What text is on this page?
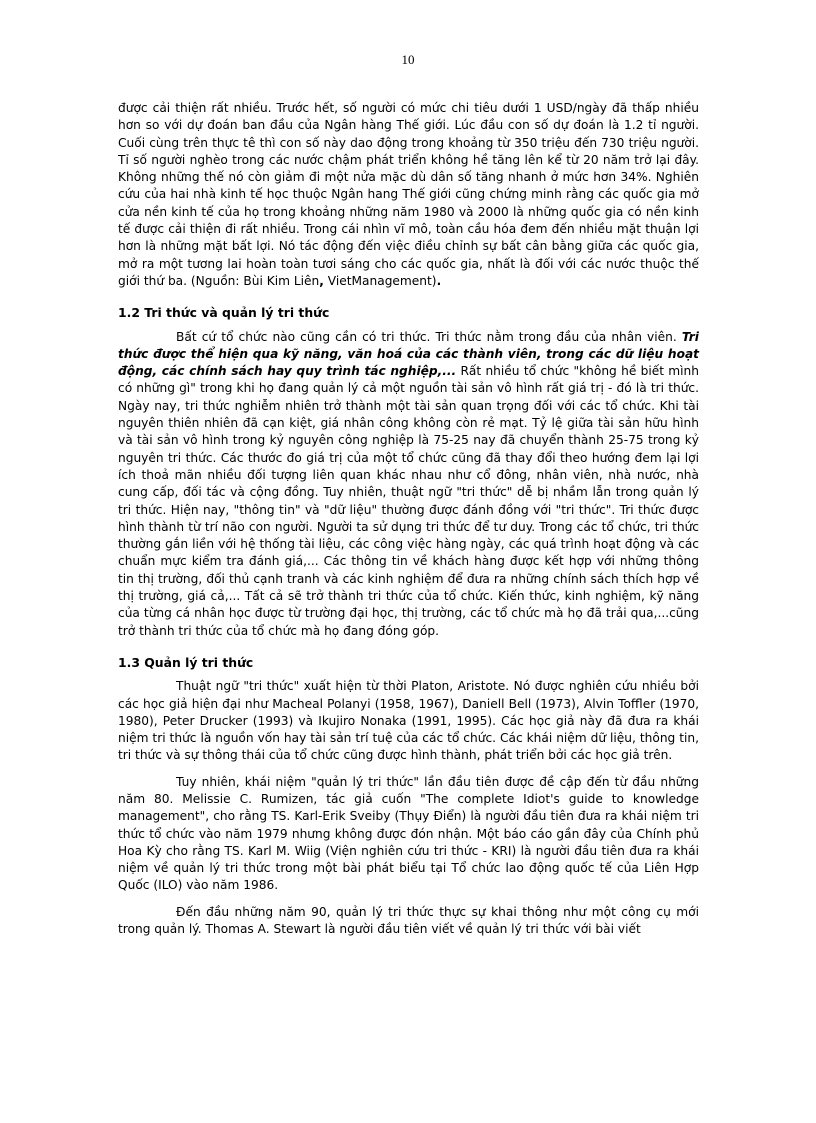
10

được cải thiện rất nhiều. Trước hết, số người có mức chi tiêu dưới 1 USD/ngày đã thấp nhiều hơn so với dự đoán ban đầu của Ngân hàng Thế giới. Lúc đầu con số dự đoán là 1.2 tỉ người. Cuối cùng trên thực tê thì con số này dao động trong khoảng từ 350 triệu đến 730 triệu người. Tỉ số người nghèo trong các nước chậm phát triển không hề tăng lên kể từ 20 năm trở lại đây. Không những thế nó còn giảm đi một nửa mặc dù dân số tăng nhanh ở mức hơn 34%. Nghiên cứu của hai nhà kinh tế học thuộc Ngân hang Thế giới cũng chứng minh rằng các quốc gia mở cửa nền kinh tế của họ trong khoảng những năm 1980 và 2000 là những quốc gia có nền kinh tế được cải thiện đi rất nhiều. Trong cái nhìn vĩ mô, toàn cầu hóa đem đến nhiều mặt thuận lợi hơn là những mặt bất lợi. Nó tác động đến việc điều chỉnh sự bất cân bằng giữa các quốc gia, mở ra một tương lai hoàn toàn tươi sáng cho các quốc gia, nhất là đối với các nước thuộc thế giới thứ ba. (Nguồn: Bùi Kim Liên, VietManagement).

1.2 Tri thức và quản lý tri thức

Bất cứ tổ chức nào cũng cần có tri thức. Tri thức nằm trong đầu của nhân viên. Tri thức được thể hiện qua kỹ năng, văn hoá của các thành viên, trong các dữ liệu hoạt động, các chính sách hay quy trình tác nghiệp,... Rất nhiều tổ chức "không hề biết mình có những gì" trong khi họ đang quản lý cả một nguồn tài sản vô hình rất giá trị - đó là tri thức. Ngày nay, tri thức nghiễm nhiên trở thành một tài sản quan trọng đối với các tổ chức. Khi tài nguyên thiên nhiên đã cạn kiệt, giá nhân công không còn rẻ mạt. Tỷ lệ giữa tài sản hữu hình và tài sản vô hình trong kỷ nguyên công nghiệp là 75-25 nay đã chuyển thành 25-75 trong kỷ nguyên tri thức. Các thước đo giá trị của một tổ chức cũng đã thay đổi theo hướng đem lại lợi ích thoả mãn nhiều đối tượng liên quan khác nhau như cổ đông, nhân viên, nhà nước, nhà cung cấp, đối tác và cộng đồng. Tuy nhiên, thuật ngữ "tri thức" dễ bị nhầm lẫn trong quản lý tri thức. Hiện nay, "thông tin" và "dữ liệu" thường được đánh đồng với "tri thức". Tri thức được hình thành từ trí não con người. Người ta sử dụng tri thức để tư duy. Trong các tổ chức, tri thức thường gắn liền với hệ thống tài liệu, các công việc hàng ngày, các quá trình hoạt động và các chuẩn mực kiểm tra đánh giá,... Các thông tin về khách hàng được kết hợp với những thông tin thị trường, đối thủ cạnh tranh và các kinh nghiệm để đưa ra những chính sách thích hợp về thị trường, giá cả,... Tất cả sẽ trở thành tri thức của tổ chức. Kiến thức, kinh nghiệm, kỹ năng của từng cá nhân học được từ trường đại học, thị trường, các tổ chức mà họ đã trải qua,...cũng trở thành tri thức của tổ chức mà họ đang đóng góp.

1.3 Quản lý tri thức

Thuật ngữ "tri thức" xuất hiện từ thời Platon, Aristote. Nó được nghiên cứu nhiều bởi các học giả hiện đại như Macheal Polanyi (1958, 1967), Daniell Bell (1973), Alvin Toffler (1970, 1980), Peter Drucker (1993) và Ikujiro Nonaka (1991, 1995). Các học giả này đã đưa ra khái niệm tri thức là nguồn vốn hay tài sản trí tuệ của các tổ chức. Các khái niệm dữ liệu, thông tin, tri thức và sự thông thái của tổ chức cũng được hình thành, phát triển bởi các học giả trên.

Tuy nhiên, khái niệm "quản lý tri thức" lần đầu tiên được đề cập đến từ đầu những năm 80. Melissie C. Rumizen, tác giả cuốn "The complete Idiot's guide to knowledge management", cho rằng TS. Karl-Erik Sveiby (Thụy Điển) là người đầu tiên đưa ra khái niệm tri thức tổ chức vào năm 1979 nhưng không được đón nhận. Một báo cáo gần đây của Chính phủ Hoa Kỳ cho rằng TS. Karl M. Wiig (Viện nghiên cứu tri thức - KRI) là người đầu tiên đưa ra khái niệm về quản lý tri thức trong một bài phát biểu tại Tổ chức lao động quốc tế của Liên Hợp Quốc (ILO) vào năm 1986.

Đến đầu những năm 90, quản lý tri thức thực sự khai thông như một công cụ mới trong quản lý. Thomas A. Stewart là người đầu tiên viết về quản lý tri thức với bài viết
